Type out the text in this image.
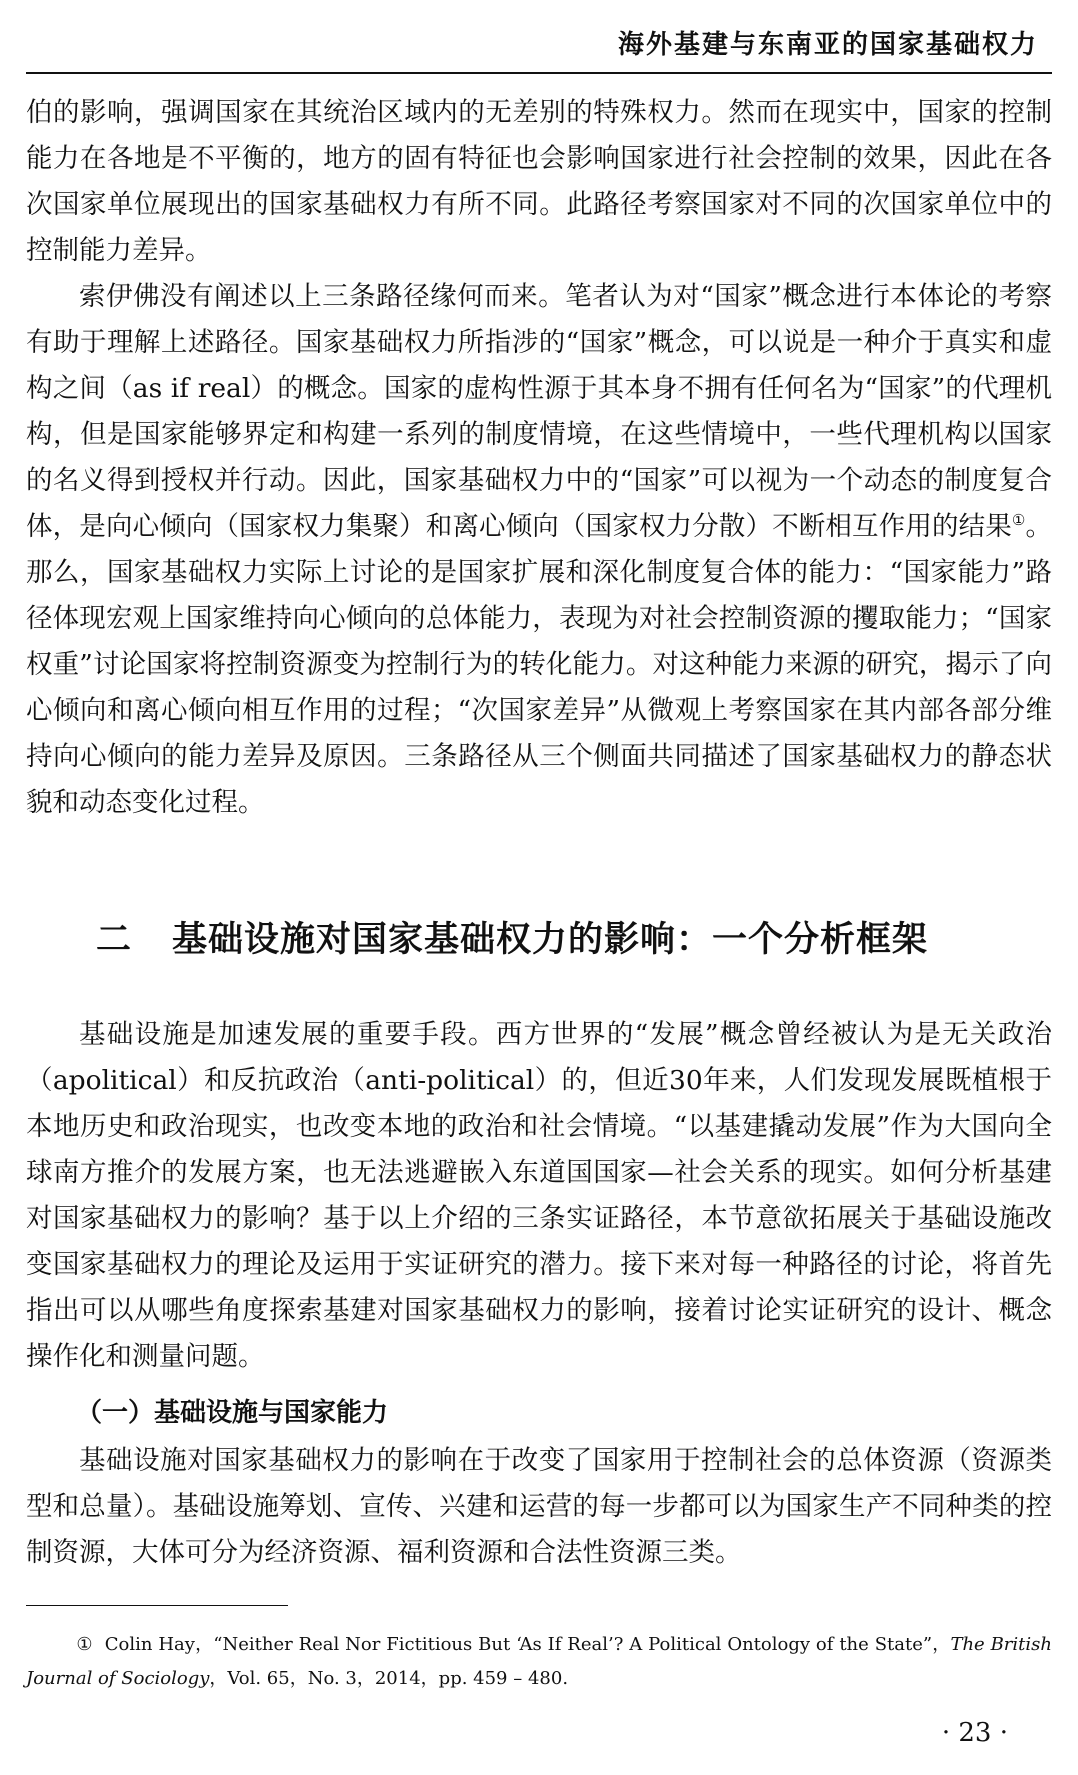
海外基建与东南亚的国家基础权力

伯的影响，强调国家在其统治区域内的无差别的特殊权力。然而在现实中，国家的控制能力在各地是不平衡的，地方的固有特征也会影响国家进行社会控制的效果，因此在各次国家单位展现出的国家基础权力有所不同。此路径考察国家对不同的次国家单位中的控制能力差异。

索伊佛没有阐述以上三条路径缘何而来。笔者认为对“国家”概念进行本体论的考察有助于理解上述路径。国家基础权力所指涉的“国家”概念，可以说是一种介于真实和虚构之间（as if real）的概念。国家的虚构性源于其本身不拥有任何名为“国家”的代理机构，但是国家能够界定和构建一系列的制度情境，在这些情境中，一些代理机构以国家的名义得到授权并行动。因此，国家基础权力中的“国家”可以视为一个动态的制度复合体，是向心倾向（国家权力集聚）和离心倾向（国家权力分散）不断相互作用的结果①。那么，国家基础权力实际上讨论的是国家扩展和深化制度复合体的能力：“国家能力”路径体现宏观上国家维持向心倾向的总体能力，表现为对社会控制资源的攫取能力；“国家权重”讨论国家将控制资源变为控制行为的转化能力。对这种能力来源的研究，揭示了向心倾向和离心倾向相互作用的过程；“次国家差异”从微观上考察国家在其内部各部分维持向心倾向的能力差异及原因。三条路径从三个侧面共同描述了国家基础权力的静态状貌和动态变化过程。

二 基础设施对国家基础权力的影响：一个分析框架

基础设施是加速发展的重要手段。西方世界的“发展”概念曾经被认为是无关政治（apolitical）和反抗政治（anti-political）的，但近30年来，人们发现发展既植根于本地历史和政治现实，也改变本地的政治和社会情境。“以基建撬动发展”作为大国向全球南方推介的发展方案，也无法逃避嵌入东道国国家—社会关系的现实。如何分析基建对国家基础权力的影响？基于以上介绍的三条实证路径，本节意欲拓展关于基础设施改变国家基础权力的理论及运用于实证研究的潜力。接下来对每一种路径的讨论，将首先指出可以从哪些角度探索基建对国家基础权力的影响，接着讨论实证研究的设计、概念操作化和测量问题。

（一）基础设施与国家能力

基础设施对国家基础权力的影响在于改变了国家用于控制社会的总体资源（资源类型和总量）。基础设施筹划、宣传、兴建和运营的每一步都可以为国家生产不同种类的控制资源，大体可分为经济资源、福利资源和合法性资源三类。

① Colin Hay，“Neither Real Nor Fictitious But ‘As If Real’? A Political Ontology of the State”，The British Journal of Sociology，Vol. 65，No. 3，2014，pp. 459 – 480.

· 23 ·
